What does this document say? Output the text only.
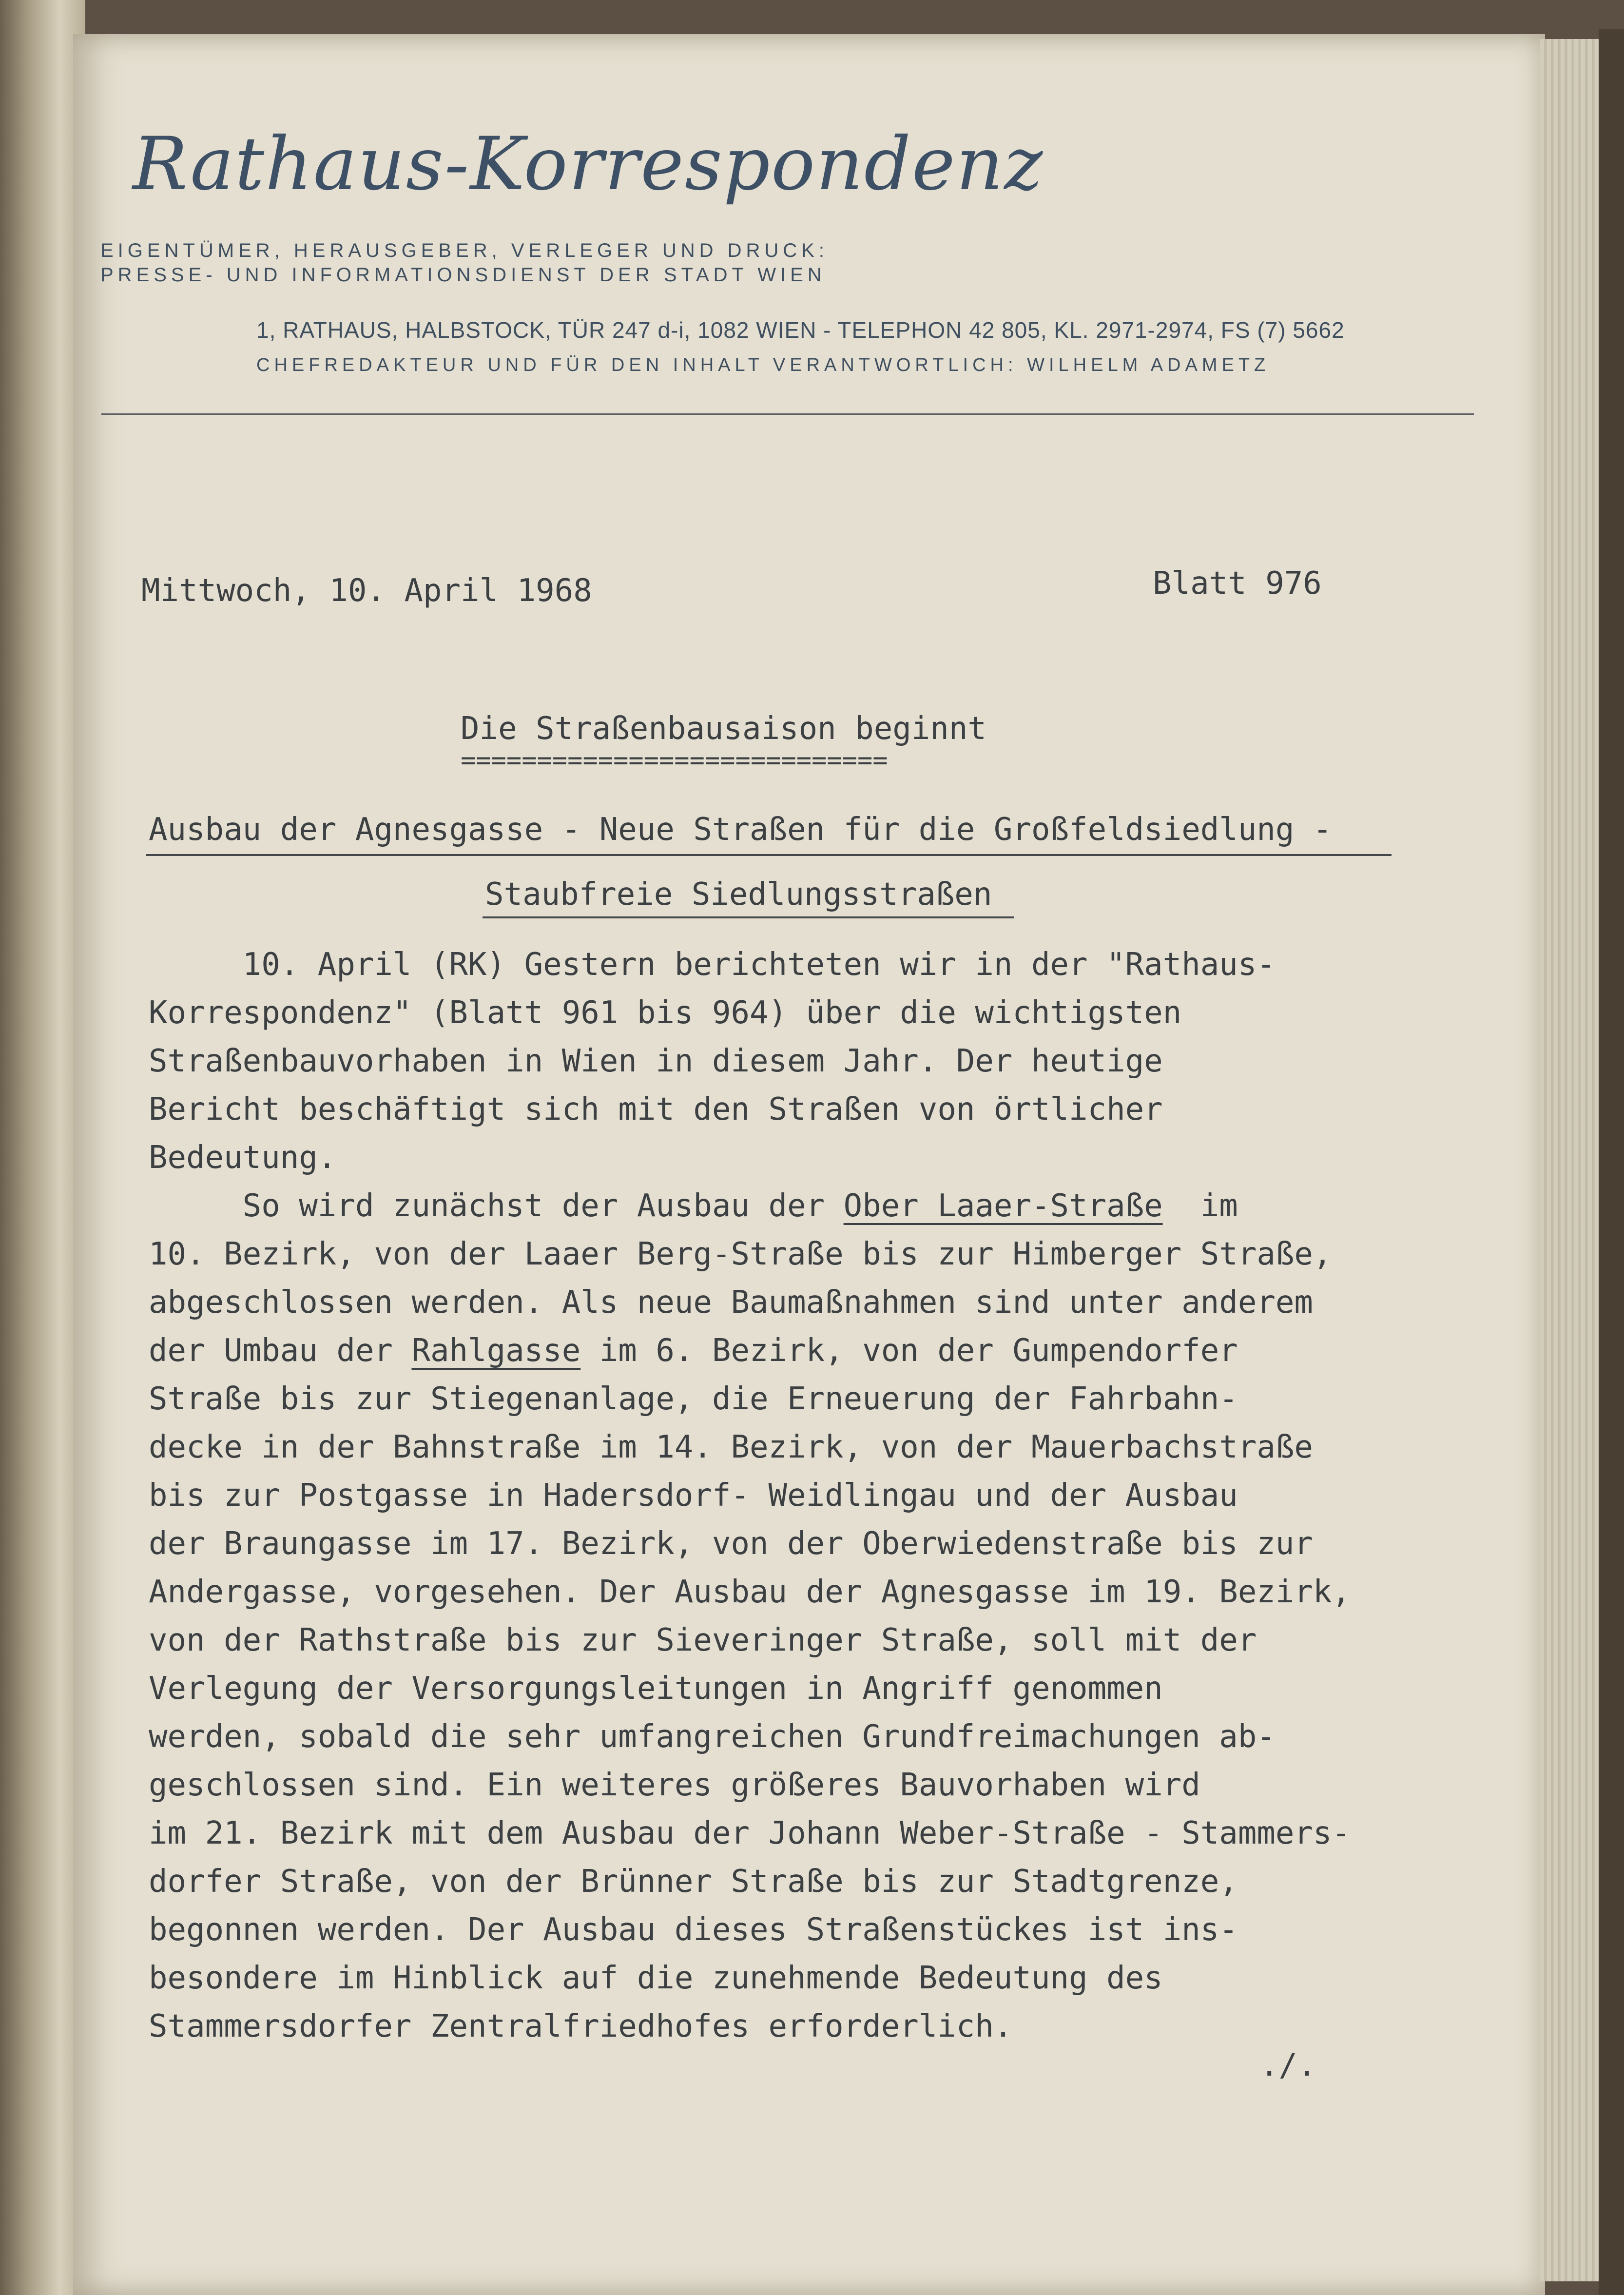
Rathaus-Korrespondenz
EIGENTÜMER, HERAUSGEBER, VERLEGER UND DRUCK:
PRESSE- UND INFORMATIONSDIENST DER STADT WIEN
1, RATHAUS, HALBSTOCK, TÜR 247 d-i, 1082 WIEN - TELEPHON 42 805, KL. 2971-2974, FS (7) 5662
CHEFREDAKTEUR UND FÜR DEN INHALT VERANTWORTLICH: WILHELM ADAMETZ
Mittwoch, 10. April 1968	Blatt 976
Die Straßenbausaison beginnt
============================
Ausbau der Agnesgasse - Neue Straßen für die Großfeldsiedlung -
Staubfreie Siedlungsstraßen
10. April (RK) Gestern berichteten wir in der "Rathaus-
Korrespondenz" (Blatt 961 bis 964) über die wichtigsten
Straßenbauvorhaben in Wien in diesem Jahr. Der heutige
Bericht beschäftigt sich mit den Straßen von örtlicher
Bedeutung.
So wird zunächst der Ausbau der Ober Laaer-Straße  im
10. Bezirk, von der Laaer Berg-Straße bis zur Himberger Straße,
abgeschlossen werden. Als neue Baumaßnahmen sind unter anderem
der Umbau der Rahlgasse im 6. Bezirk, von der Gumpendorfer
Straße bis zur Stiegenanlage, die Erneuerung der Fahrbahn-
decke in der Bahnstraße im 14. Bezirk, von der Mauerbachstraße
bis zur Postgasse in Hadersdorf- Weidlingau und der Ausbau
der Braungasse im 17. Bezirk, von der Oberwiedenstraße bis zur
Andergasse, vorgesehen. Der Ausbau der Agnesgasse im 19. Bezirk,
von der Rathstraße bis zur Sieveringer Straße, soll mit der
Verlegung der Versorgungsleitungen in Angriff genommen
werden, sobald die sehr umfangreichen Grundfreimachungen ab-
geschlossen sind. Ein weiteres größeres Bauvorhaben wird
im 21. Bezirk mit dem Ausbau der Johann Weber-Straße - Stammers-
dorfer Straße, von der Brünner Straße bis zur Stadtgrenze,
begonnen werden. Der Ausbau dieses Straßenstückes ist ins-
besondere im Hinblick auf die zunehmende Bedeutung des
Stammersdorfer Zentralfriedhofes erforderlich.
./.
